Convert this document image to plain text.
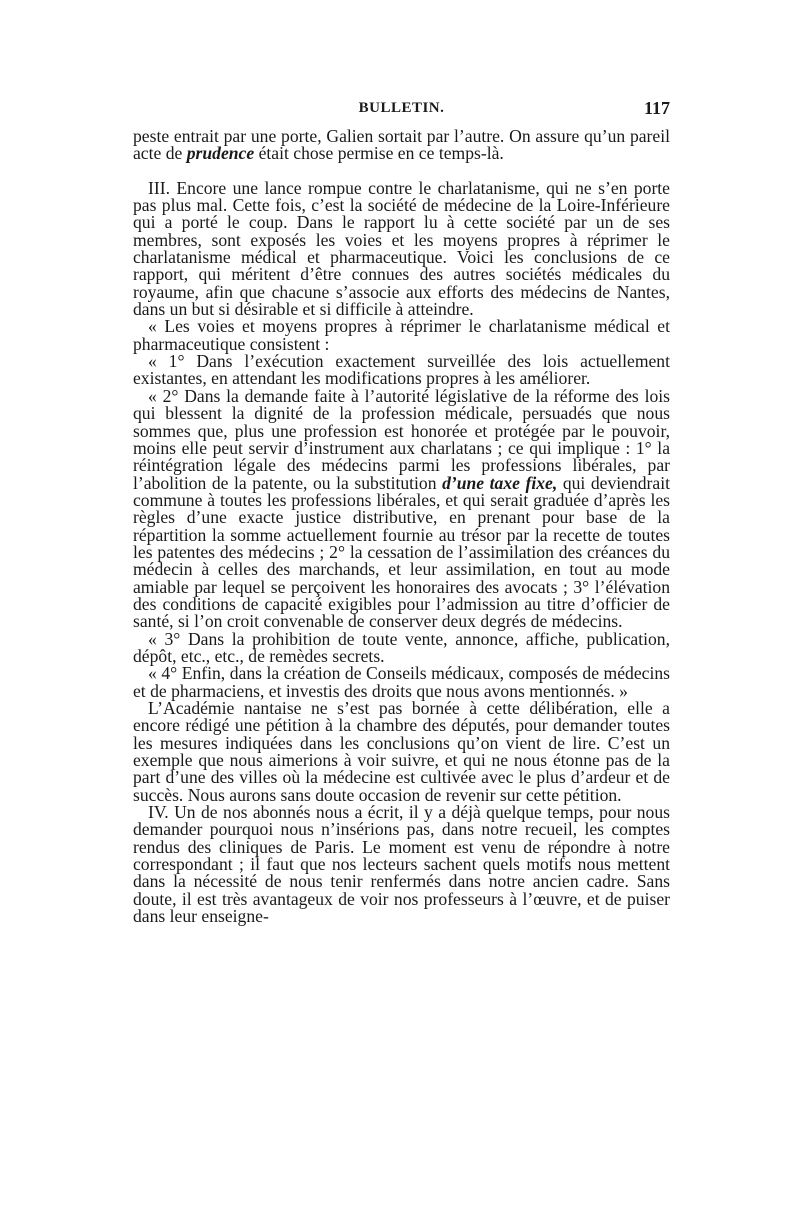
BULLETIN.	117

peste entrait par une porte, Galien sortait par l’autre. On assure qu’un pareil acte de prudence était chose permise en ce temps-là.

III. Encore une lance rompue contre le charlatanisme, qui ne s’en porte pas plus mal. Cette fois, c’est la société de médecine de la Loire-Inférieure qui a porté le coup. Dans le rapport lu à cette société par un de ses membres, sont exposés les voies et les moyens propres à réprimer le charlatanisme médical et pharmaceutique. Voici les conclusions de ce rapport, qui méritent d’être connues des autres sociétés médicales du royaume, afin que chacune s’associe aux efforts des médecins de Nantes, dans un but si désirable et si difficile à atteindre.

« Les voies et moyens propres à réprimer le charlatanisme médical et pharmaceutique consistent :

« 1° Dans l’exécution exactement surveillée des lois actuellement existantes, en attendant les modifications propres à les améliorer.

« 2° Dans la demande faite à l’autorité législative de la réforme des lois qui blessent la dignité de la profession médicale, persuadés que nous sommes que, plus une profession est honorée et protégée par le pouvoir, moins elle peut servir d’instrument aux charlatans ; ce qui implique : 1° la réintégration légale des médecins parmi les professions libérales, par l’abolition de la patente, ou la substitution d’une taxe fixe, qui deviendrait commune à toutes les professions libérales, et qui serait graduée d’après les règles d’une exacte justice distributive, en prenant pour base de la répartition la somme actuellement fournie au trésor par la recette de toutes les patentes des médecins ; 2° la cessation de l’assimilation des créances du médecin à celles des marchands, et leur assimilation, en tout au mode amiable par lequel se perçoivent les honoraires des avocats ; 3° l’élévation des conditions de capacité exigibles pour l’admission au titre d’officier de santé, si l’on croit convenable de conserver deux degrés de médecins.

« 3° Dans la prohibition de toute vente, annonce, affiche, publication, dépôt, etc., etc., de remèdes secrets.

« 4° Enfin, dans la création de Conseils médicaux, composés de médecins et de pharmaciens, et investis des droits que nous avons mentionnés. »

L’Académie nantaise ne s’est pas bornée à cette délibération, elle a encore rédigé une pétition à la chambre des députés, pour demander toutes les mesures indiquées dans les conclusions qu’on vient de lire. C’est un exemple que nous aimerions à voir suivre, et qui ne nous étonne pas de la part d’une des villes où la médecine est cultivée avec le plus d’ardeur et de succès. Nous aurons sans doute occasion de revenir sur cette pétition.

IV. Un de nos abonnés nous a écrit, il y a déjà quelque temps, pour nous demander pourquoi nous n’insérions pas, dans notre recueil, les comptes rendus des cliniques de Paris. Le moment est venu de répondre à notre correspondant ; il faut que nos lecteurs sachent quels motifs nous mettent dans la nécessité de nous tenir renfermés dans notre ancien cadre. Sans doute, il est très avantageux de voir nos professeurs à l’œuvre, et de puiser dans leur enseigne-
